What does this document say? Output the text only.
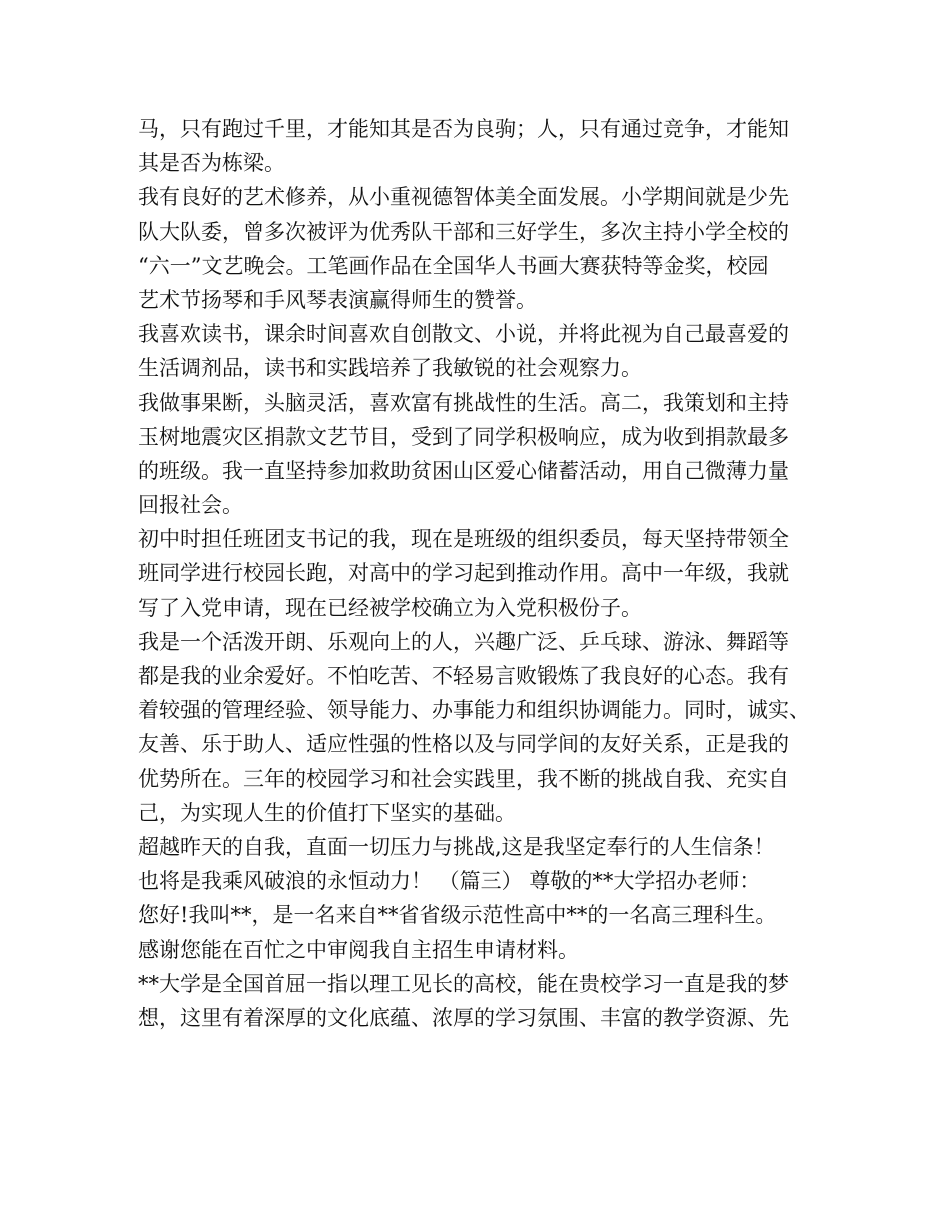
马，只有跑过千里，才能知其是否为良驹；人，只有通过竞争，才能知
其是否为栋梁。
我有良好的艺术修养，从小重视德智体美全面发展。小学期间就是少先
队大队委，曾多次被评为优秀队干部和三好学生，多次主持小学全校的
“六一”文艺晚会。工笔画作品在全国华人书画大赛获特等金奖，校园
艺术节扬琴和手风琴表演赢得师生的赞誉。
我喜欢读书，课余时间喜欢自创散文、小说，并将此视为自己最喜爱的
生活调剂品，读书和实践培养了我敏锐的社会观察力。
我做事果断，头脑灵活，喜欢富有挑战性的生活。高二，我策划和主持
玉树地震灾区捐款文艺节目，受到了同学积极响应，成为收到捐款最多
的班级。我一直坚持参加救助贫困山区爱心储蓄活动，用自己微薄力量
回报社会。
初中时担任班团支书记的我，现在是班级的组织委员，每天坚持带领全
班同学进行校园长跑，对高中的学习起到推动作用。高中一年级，我就
写了入党申请，现在已经被学校确立为入党积极份子。
我是一个活泼开朗、乐观向上的人，兴趣广泛、乒乓球、游泳、舞蹈等
都是我的业余爱好。不怕吃苦、不轻易言败锻炼了我良好的心态。我有
着较强的管理经验、领导能力、办事能力和组织协调能力。同时，诚实、
友善、乐于助人、适应性强的性格以及与同学间的友好关系，正是我的
优势所在。三年的校园学习和社会实践里，我不断的挑战自我、充实自
己，为实现人生的价值打下坚实的基础。
超越昨天的自我，直面一切压力与挑战,这是我坚定奉行的人生信条！
也将是我乘风破浪的永恒动力！ （篇三） 尊敬的**大学招办老师：
您好!我叫**，是一名来自**省省级示范性高中**的一名高三理科生。
感谢您能在百忙之中审阅我自主招生申请材料。
**大学是全国首屈一指以理工见长的高校，能在贵校学习一直是我的梦
想，这里有着深厚的文化底蕴、浓厚的学习氛围、丰富的教学资源、先
